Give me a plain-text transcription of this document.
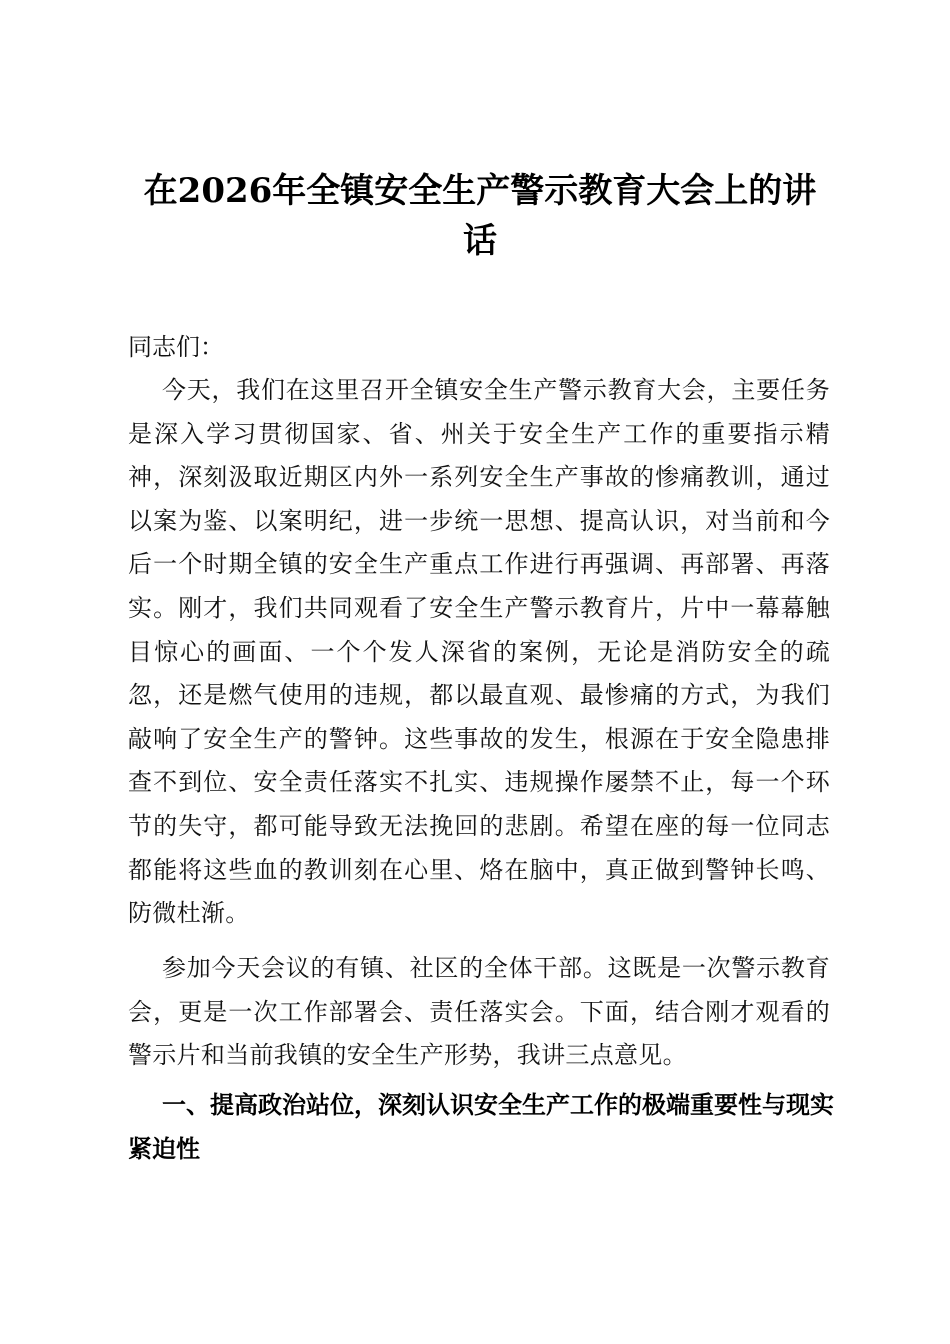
在2026年全镇安全生产警示教育大会上的讲
话
同志们：

今天，我们在这里召开全镇安全生产警示教育大会，主要任务是深入学习贯彻国家、省、州关于安全生产工作的重要指示精神，深刻汲取近期区内外一系列安全生产事故的惨痛教训，通过以案为鉴、以案明纪，进一步统一思想、提高认识，对当前和今后一个时期全镇的安全生产重点工作进行再强调、再部署、再落实。刚才，我们共同观看了安全生产警示教育片，片中一幕幕触目惊心的画面、一个个发人深省的案例，无论是消防安全的疏忽，还是燃气使用的违规，都以最直观、最惨痛的方式，为我们敲响了安全生产的警钟。这些事故的发生，根源在于安全隐患排查不到位、安全责任落实不扎实、违规操作屡禁不止，每一个环节的失守，都可能导致无法挽回的悲剧。希望在座的每一位同志都能将这些血的教训刻在心里、烙在脑中，真正做到警钟长鸣、防微杜渐。

参加今天会议的有镇、社区的全体干部。这既是一次警示教育会，更是一次工作部署会、责任落实会。下面，结合刚才观看的警示片和当前我镇的安全生产形势，我讲三点意见。

一、提高政治站位，深刻认识安全生产工作的极端重要性与现实紧迫性
